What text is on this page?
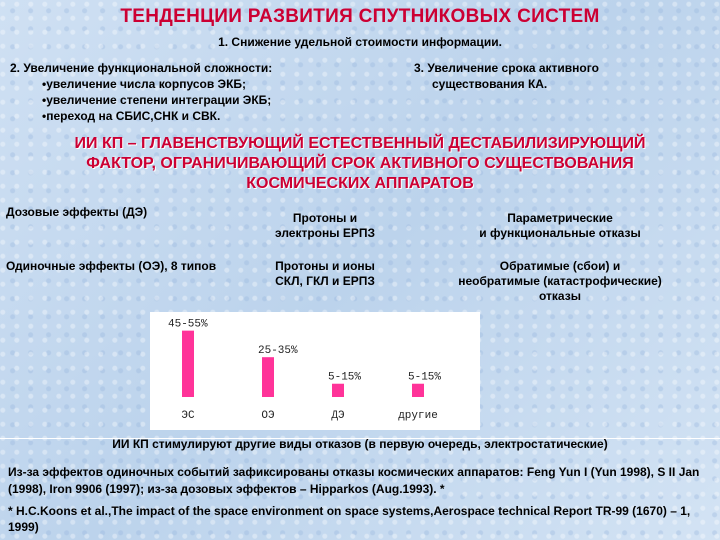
ТЕНДЕНЦИИ РАЗВИТИЯ СПУТНИКОВЫХ СИСТЕМ
1. Снижение удельной стоимости информации.
2. Увеличение функциональной сложности:
•увеличение числа корпусов ЭКБ;
•увеличение степени интеграции ЭКБ;
•переход на СБИС,СНК и СВК.
3. Увеличение срока активного
существования КА.
ИИ КП – ГЛАВЕНСТВУЮЩИЙ ЕСТЕСТВЕННЫЙ ДЕСТАБИЛИЗИРУЮЩИЙ
ФАКТОР, ОГРАНИЧИВАЮЩИЙ СРОК АКТИВНОГО СУЩЕСТВОВАНИЯ
КОСМИЧЕСКИХ АППАРАТОВ
Дозовые эффекты (ДЭ)	Протоны и
электроны ЕРПЗ
Параметрические
и функциональные отказы
Одиночные эффекты (ОЭ), 8 типов	Протоны и ионы
СКЛ, ГКЛ и ЕРПЗ
Обратимые (сбои) и
необратимые (катастрофические)
отказы
45-55%
ЭС
25-35%
ОЭ
5-15%
ДЭ
5-15%
другие
ИИ КП стимулируют другие виды отказов (в первую очередь, электростатические)
Из-за эффектов одиночных событий зафиксированы отказы космических аппаратов: Feng Yun I (Yun 1998), S II Jan (1998), Iron 9906 (1997); из-за дозовых эффектов – Hipparkos (Aug.1993). *
* H.C.Koons et al.,The impact of the space environment on space systems,Aerospace technical Report TR-99 (1670) – 1, 1999)
